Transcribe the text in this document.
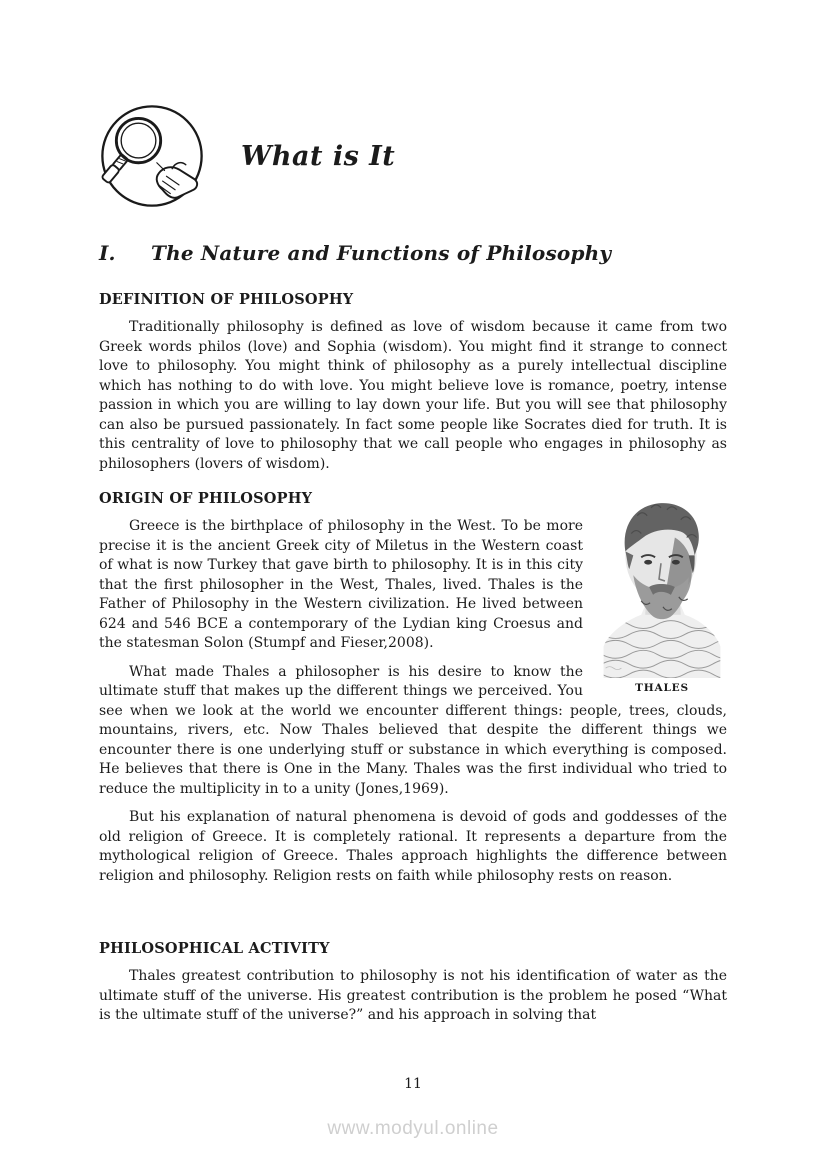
What is It
I.	The Nature and Functions of Philosophy
DEFINITION OF PHILOSOPHY

Traditionally philosophy is defined as love of wisdom because it came from two Greek words philos (love) and Sophia (wisdom). You might find it strange to connect love to philosophy. You might think of philosophy as a purely intellectual discipline which has nothing to do with love. You might believe love is romance, poetry, intense passion in which you are willing to lay down your life. But you will see that philosophy can also be pursued passionately. In fact some people like Socrates died for truth. It is this centrality of love to philosophy that we call people who engages in philosophy as philosophers (lovers of wisdom).

THALES
ORIGIN OF PHILOSOPHY

Greece is the birthplace of philosophy in the West. To be more precise it is the ancient Greek city of Miletus in the Western coast of what is now Turkey that gave birth to philosophy. It is in this city that the first philosopher in the West, Thales, lived. Thales is the Father of Philosophy in the Western civilization. He lived between 624 and 546 BCE a contemporary of the Lydian king Croesus and the statesman Solon (Stumpf and Fieser,2008).

What made Thales a philosopher is his desire to know the ultimate stuff that makes up the different things we perceived. You see when we look at the world we encounter different things: people, trees, clouds, mountains, rivers, etc. Now Thales believed that despite the different things we encounter there is one underlying stuff or substance in which everything is composed. He believes that there is One in the Many. Thales was the first individual who tried to reduce the multiplicity in to a unity (Jones,1969).

But his explanation of natural phenomena is devoid of gods and goddesses of the old religion of Greece. It is completely rational. It represents a departure from the mythological religion of Greece. Thales approach highlights the difference between religion and philosophy. Religion rests on faith while philosophy rests on reason.

PHILOSOPHICAL ACTIVITY

Thales greatest contribution to philosophy is not his identification of water as the ultimate stuff of the universe. His greatest contribution is the problem he posed “What is the ultimate stuff of the universe?” and his approach in solving that

11
www.modyul.online
